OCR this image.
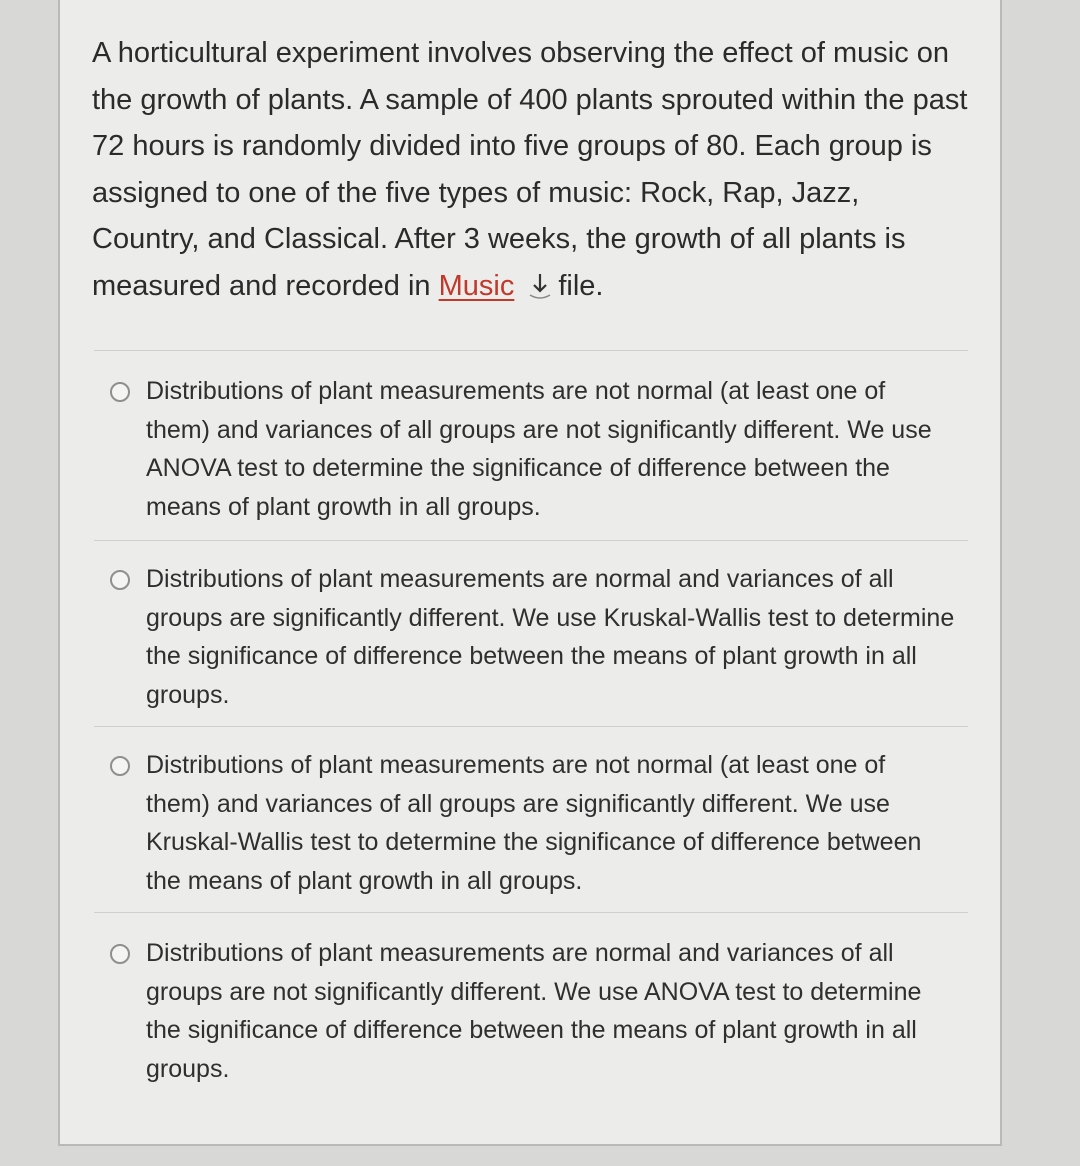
A horticultural experiment involves observing the effect of music on the growth of plants. A sample of 400 plants sprouted within the past 72 hours is randomly divided into five groups of 80. Each group is assigned to one of the five types of music: Rock, Rap, Jazz, Country, and Classical. After 3 weeks, the growth of all plants is measured and recorded in Music file.
Distributions of plant measurements are not normal (at least one of them) and variances of all groups are not significantly different. We use ANOVA test to determine the significance of difference between the means of plant growth in all groups.
Distributions of plant measurements are normal and variances of all groups are significantly different. We use Kruskal-Wallis test to determine the significance of difference between the means of plant growth in all groups.
Distributions of plant measurements are not normal (at least one of them) and variances of all groups are significantly different. We use Kruskal-Wallis test to determine the significance of difference between the means of plant growth in all groups.
Distributions of plant measurements are normal and variances of all groups are not significantly different. We use ANOVA test to determine the significance of difference between the means of plant growth in all groups.
